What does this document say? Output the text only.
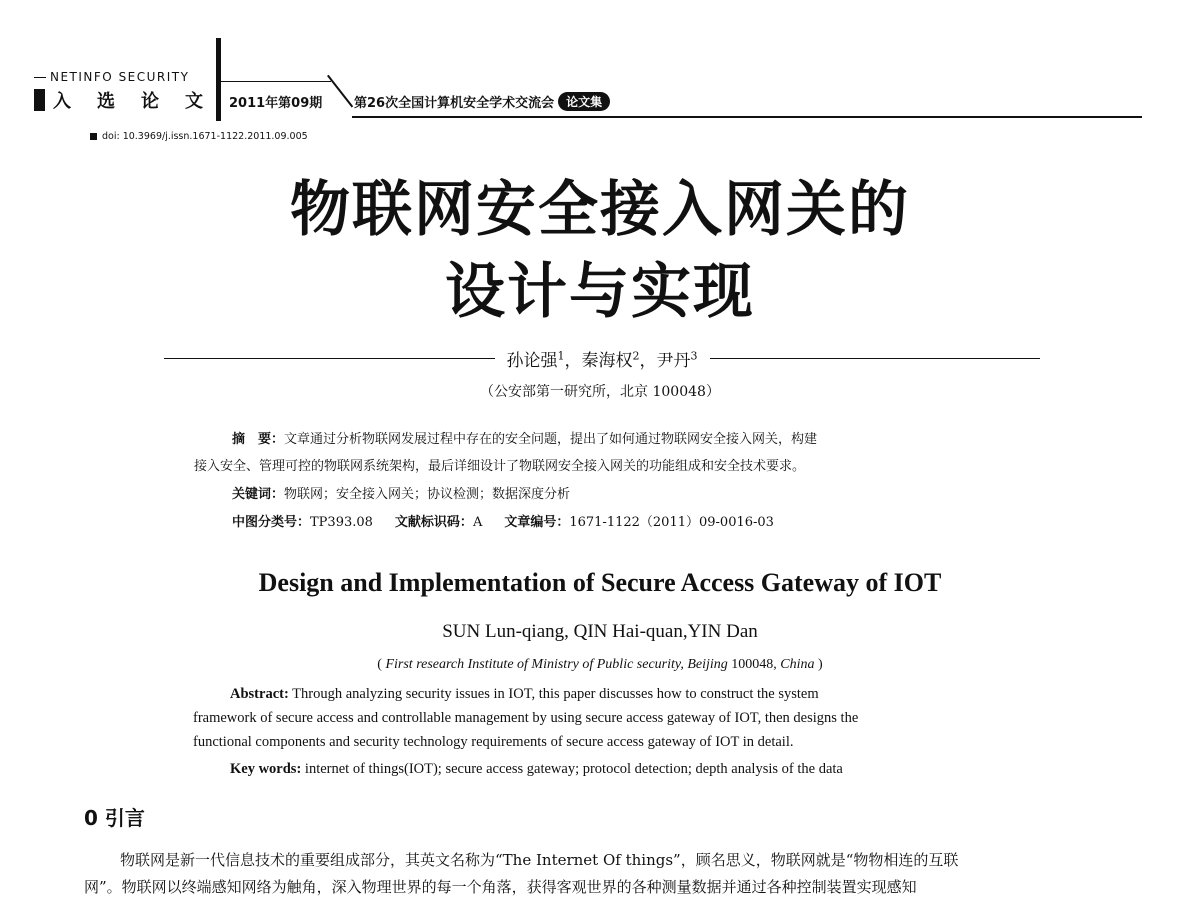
NETINFO SECURITY
入选论文 2011年第09期 第26次全国计算机安全学术交流会	论文集
doi: 10.3969/j.issn.1671-1122.2011.09.005
物联网安全接入网关的
设计与实现
孙论强$^1$，秦海权$^2$，尹丹$^3$
（公安部第一研究所，北京 100048）
摘　要：文章通过分析物联网发展过程中存在的安全问题，提出了如何通过物联网安全接入网关，构建
接入安全、管理可控的物联网系统架构，最后详细设计了物联网安全接入网关的功能组成和安全技术要求。
关键词：物联网；安全接入网关；协议检测；数据深度分析
中图分类号：TP393.08 文献标识码：A 文章编号：1671-1122（2011）09-0016-03
Design and Implementation of Secure Access Gateway of IOT
SUN Lun-qiang, QIN Hai-quan,YIN Dan
( First research Institute of Ministry of Public security, Beijing 100048, China )
Abstract: Through analyzing security issues in IOT, this paper discusses how to construct the system
framework of secure access and controllable management by using secure access gateway of IOT, then designs the
functional components and security technology requirements of secure access gateway of IOT in detail.
Key words: internet of things(IOT); secure access gateway; protocol detection; depth analysis of the data
0 引言
物联网是新一代信息技术的重要组成部分，其英文名称为“The Internet Of things”，顾名思义，物联网就是“物物相连的互联
网”。物联网以终端感知网络为触角，深入物理世界的每一个角落，获得客观世界的各种测量数据并通过各种控制装置实现感知
